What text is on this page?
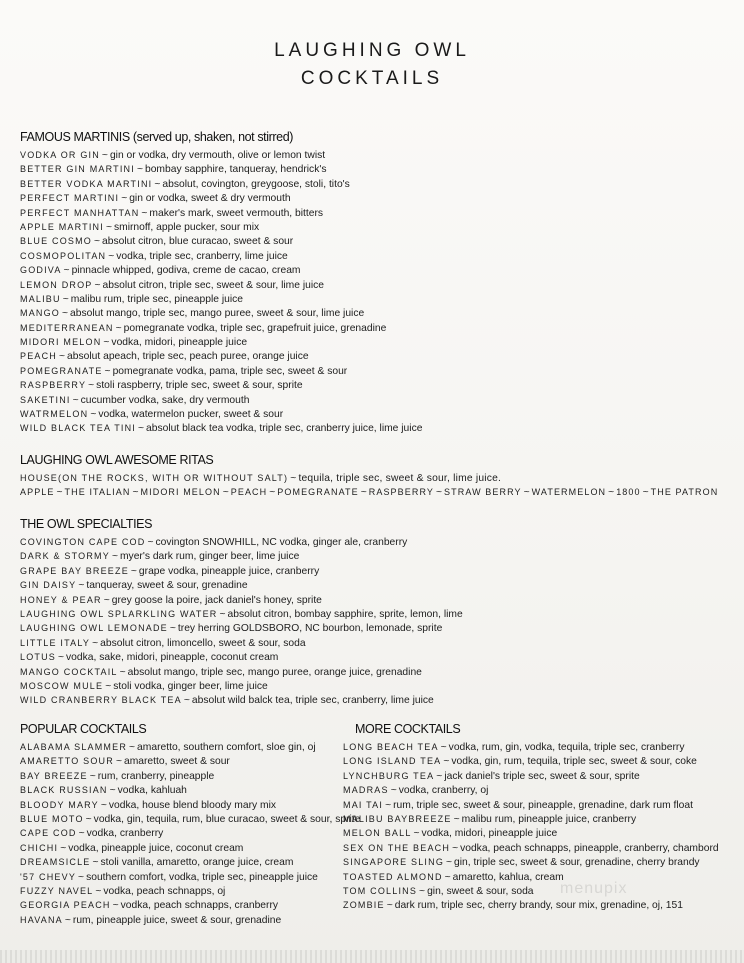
LAUGHING OWL
COCKTAILS
FAMOUS MARTINIS (served up, shaken, not stirred)
VODKA OR GIN ~ gin or vodka, dry vermouth, olive or lemon twist
BETTER GIN MARTINI ~ bombay sapphire, tanqueray, hendrick's
BETTER VODKA MARTINI ~ absolut, covington, greygoose, stoli, tito's
PERFECT MARTINI ~ gin or vodka, sweet & dry vermouth
PERFECT MANHATTAN ~ maker's mark, sweet vermouth, bitters
APPLE MARTINI ~ smirnoff, apple pucker, sour mix
BLUE COSMO ~ absolut citron, blue curacao, sweet & sour
COSMOPOLITAN ~ vodka, triple sec, cranberry, lime juice
GODIVA ~ pinnacle whipped, godiva, creme de cacao, cream
LEMON DROP ~ absolut citron, triple sec, sweet & sour, lime juice
MALIBU ~ malibu rum, triple sec, pineapple juice
MANGO ~ absolut mango, triple sec, mango puree, sweet & sour, lime juice
MEDITERRANEAN ~ pomegranate vodka, triple sec, grapefruit juice, grenadine
MIDORI MELON ~ vodka, midori, pineapple juice
PEACH ~ absolut apeach, triple sec, peach puree, orange juice
POMEGRANATE ~ pomegranate vodka, pama, triple sec, sweet & sour
RASPBERRY ~ stoli raspberry, triple sec, sweet & sour, sprite
SAKETINI ~ cucumber vodka, sake, dry vermouth
WATRMELON ~ vodka, watermelon pucker, sweet & sour
WILD BLACK TEA TINI ~ absolut black tea vodka, triple sec, cranberry juice, lime juice
LAUGHING OWL AWESOME RITAS
HOUSE(ON THE ROCKS, WITH OR WITHOUT SALT) ~ tequila, triple sec, sweet & sour, lime juice.
APPLE ~ THE ITALIAN ~ MIDORI MELON ~ PEACH ~ POMEGRANATE ~ RASPBERRY ~ STRAW BERRY ~ WATERMELON ~ 1800 ~ THE PATRON
THE OWL SPECIALTIES
COVINGTON CAPE COD ~ covington SNOWHILL, NC vodka, ginger ale, cranberry
DARK & STORMY ~ myer's dark rum, ginger beer, lime juice
GRAPE BAY BREEZE ~ grape vodka, pineapple juice, cranberry
GIN DAISY ~ tanqueray, sweet & sour, grenadine
HONEY & PEAR ~ grey goose la poire, jack daniel's honey, sprite
LAUGHING OWL SPLARKLING WATER ~ absolut citron, bombay sapphire, sprite, lemon, lime
LAUGHING OWL LEMONADE ~ trey herring GOLDSBORO, NC bourbon, lemonade, sprite
LITTLE ITALY ~ absolut citron, limoncello, sweet & sour, soda
LOTUS ~ vodka, sake, midori, pineapple, coconut cream
MANGO COCKTAIL ~ absolut mango, triple sec, mango puree, orange juice, grenadine
MOSCOW MULE ~ stoli vodka, ginger beer, lime juice
WILD CRANBERRY BLACK TEA ~ absolut wild balck tea, triple sec, cranberry, lime juice
POPULAR COCKTAILS
ALABAMA SLAMMER ~ amaretto, southern comfort, sloe gin, oj
AMARETTO SOUR ~ amaretto, sweet & sour
BAY BREEZE ~ rum, cranberry, pineapple
BLACK RUSSIAN ~ vodka, kahluah
BLOODY MARY ~ vodka, house blend bloody mary mix
BLUE MOTO ~ vodka, gin, tequila, rum, blue curacao, sweet & sour, sprite
CAPE COD ~ vodka, cranberry
CHICHI ~ vodka, pineapple juice, coconut cream
DREAMSICLE ~ stoli vanilla, amaretto, orange juice, cream
'57 CHEVY ~ southern comfort, vodka, triple sec, pineapple juice
FUZZY NAVEL ~ vodka, peach schnapps, oj
GEORGIA PEACH ~ vodka, peach schnapps, cranberry
HAVANA ~ rum, pineapple juice, sweet & sour, grenadine
MORE COCKTAILS
LONG BEACH TEA ~ vodka, rum, gin, vodka, tequila, triple sec, cranberry
LONG ISLAND TEA ~ vodka, gin, rum, tequila, triple sec, sweet & sour, coke
LYNCHBURG TEA ~ jack daniel's triple sec, sweet & sour, sprite
MADRAS ~ vodka, cranberry, oj
MAI TAI ~ rum, triple sec, sweet & sour, pineapple, grenadine, dark rum float
MALIBU BAYBREEZE ~ malibu rum, pineapple juice, cranberry
MELON BALL ~ vodka, midori, pineapple juice
SEX ON THE BEACH ~ vodka, peach schnapps, pineapple, cranberry, chambord
SINGAPORE SLING ~ gin, triple sec, sweet & sour, grenadine, cherry brandy
TOASTED ALMOND ~ amaretto, kahlua, cream
TOM COLLINS ~ gin, sweet & sour, soda
ZOMBIE ~ dark rum, triple sec, cherry brandy, sour mix, grenadine, oj, 151
menupix
